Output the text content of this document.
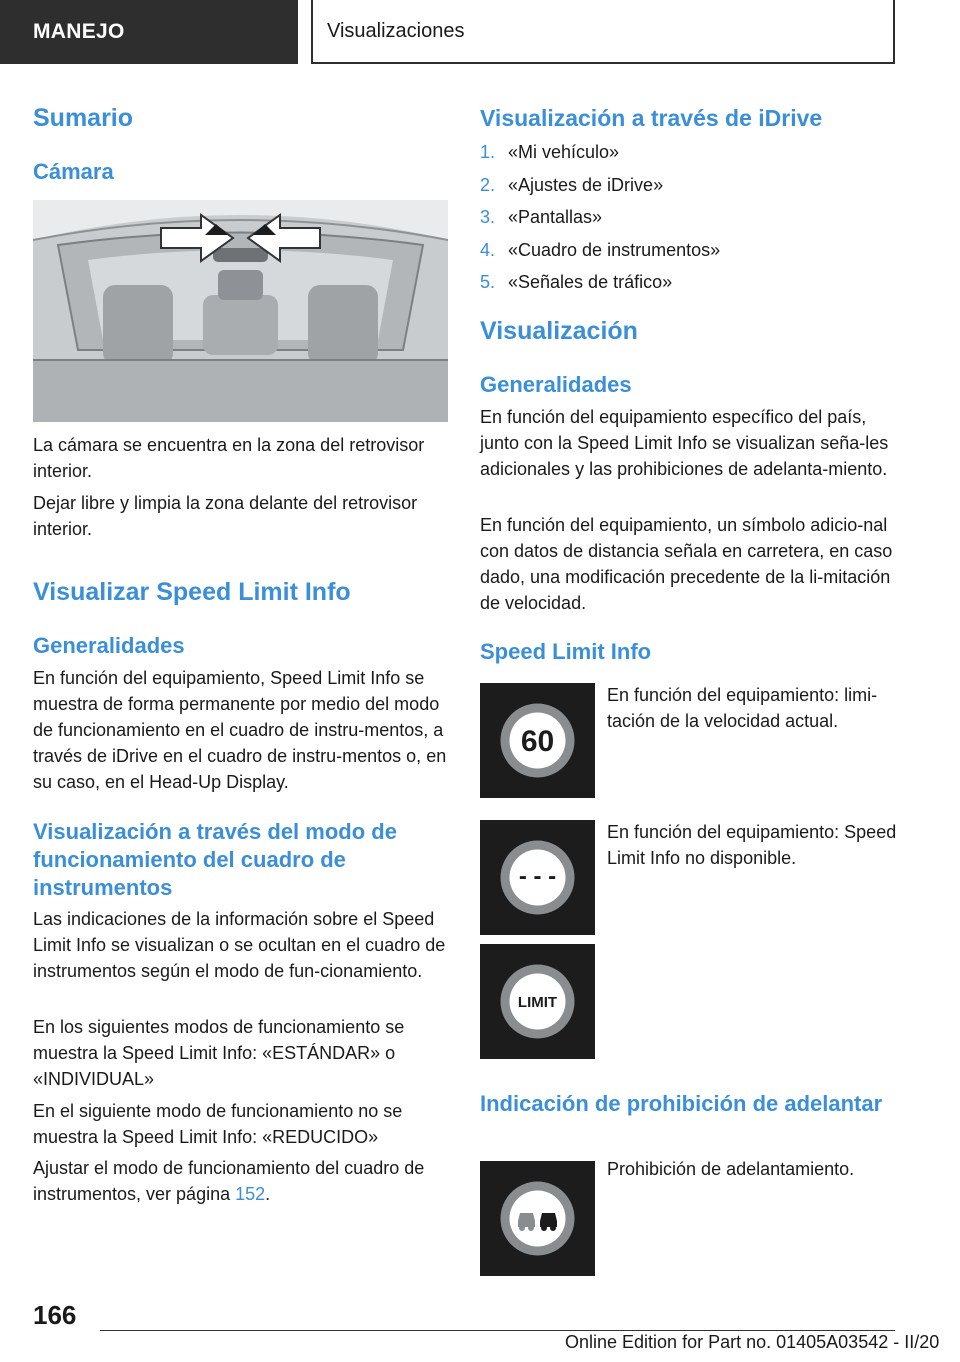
MANEJO	Visualizaciones
Sumario
Cámara

La cámara se encuentra en la zona del retrovisor interior.

Dejar libre y limpia la zona delante del retrovisor interior.

Visualizar Speed Limit Info
Generalidades

En función del equipamiento, Speed Limit Info se muestra de forma permanente por medio del modo de funcionamiento en el cuadro de instru-mentos, a través de iDrive en el cuadro de instru-mentos o, en su caso, en el Head-Up Display.

Visualización a través del modo de funcionamiento del cuadro de instrumentos

Las indicaciones de la información sobre el Speed Limit Info se visualizan o se ocultan en el cuadro de instrumentos según el modo de fun-cionamiento.

En los siguientes modos de funcionamiento se muestra la Speed Limit Info: «ESTÁNDAR» o «INDIVIDUAL»

En el siguiente modo de funcionamiento no se muestra la Speed Limit Info: «REDUCIDO»

Ajustar el modo de funcionamiento del cuadro de instrumentos, ver página 152.

Visualización a través de iDrive
1. «Mi vehículo»
2. «Ajustes de iDrive»
3. «Pantallas»
4. «Cuadro de instrumentos»
5. «Señales de tráfico»
Visualización
Generalidades

En función del equipamiento específico del país, junto con la Speed Limit Info se visualizan seña-les adicionales y las prohibiciones de adelanta-miento.

En función del equipamiento, un símbolo adicio-nal con datos de distancia señala en carretera, en caso dado, una modificación precedente de la li-mitación de velocidad.

Speed Limit Info
60

En función del equipamiento: limi-tación de la velocidad actual.

- - -

En función del equipamiento: Speed Limit Info no disponible.

LIMIT
Indicación de prohibición de adelantar

Prohibición de adelantamiento.

166
Online Edition for Part no. 01405A03542 - II/20
